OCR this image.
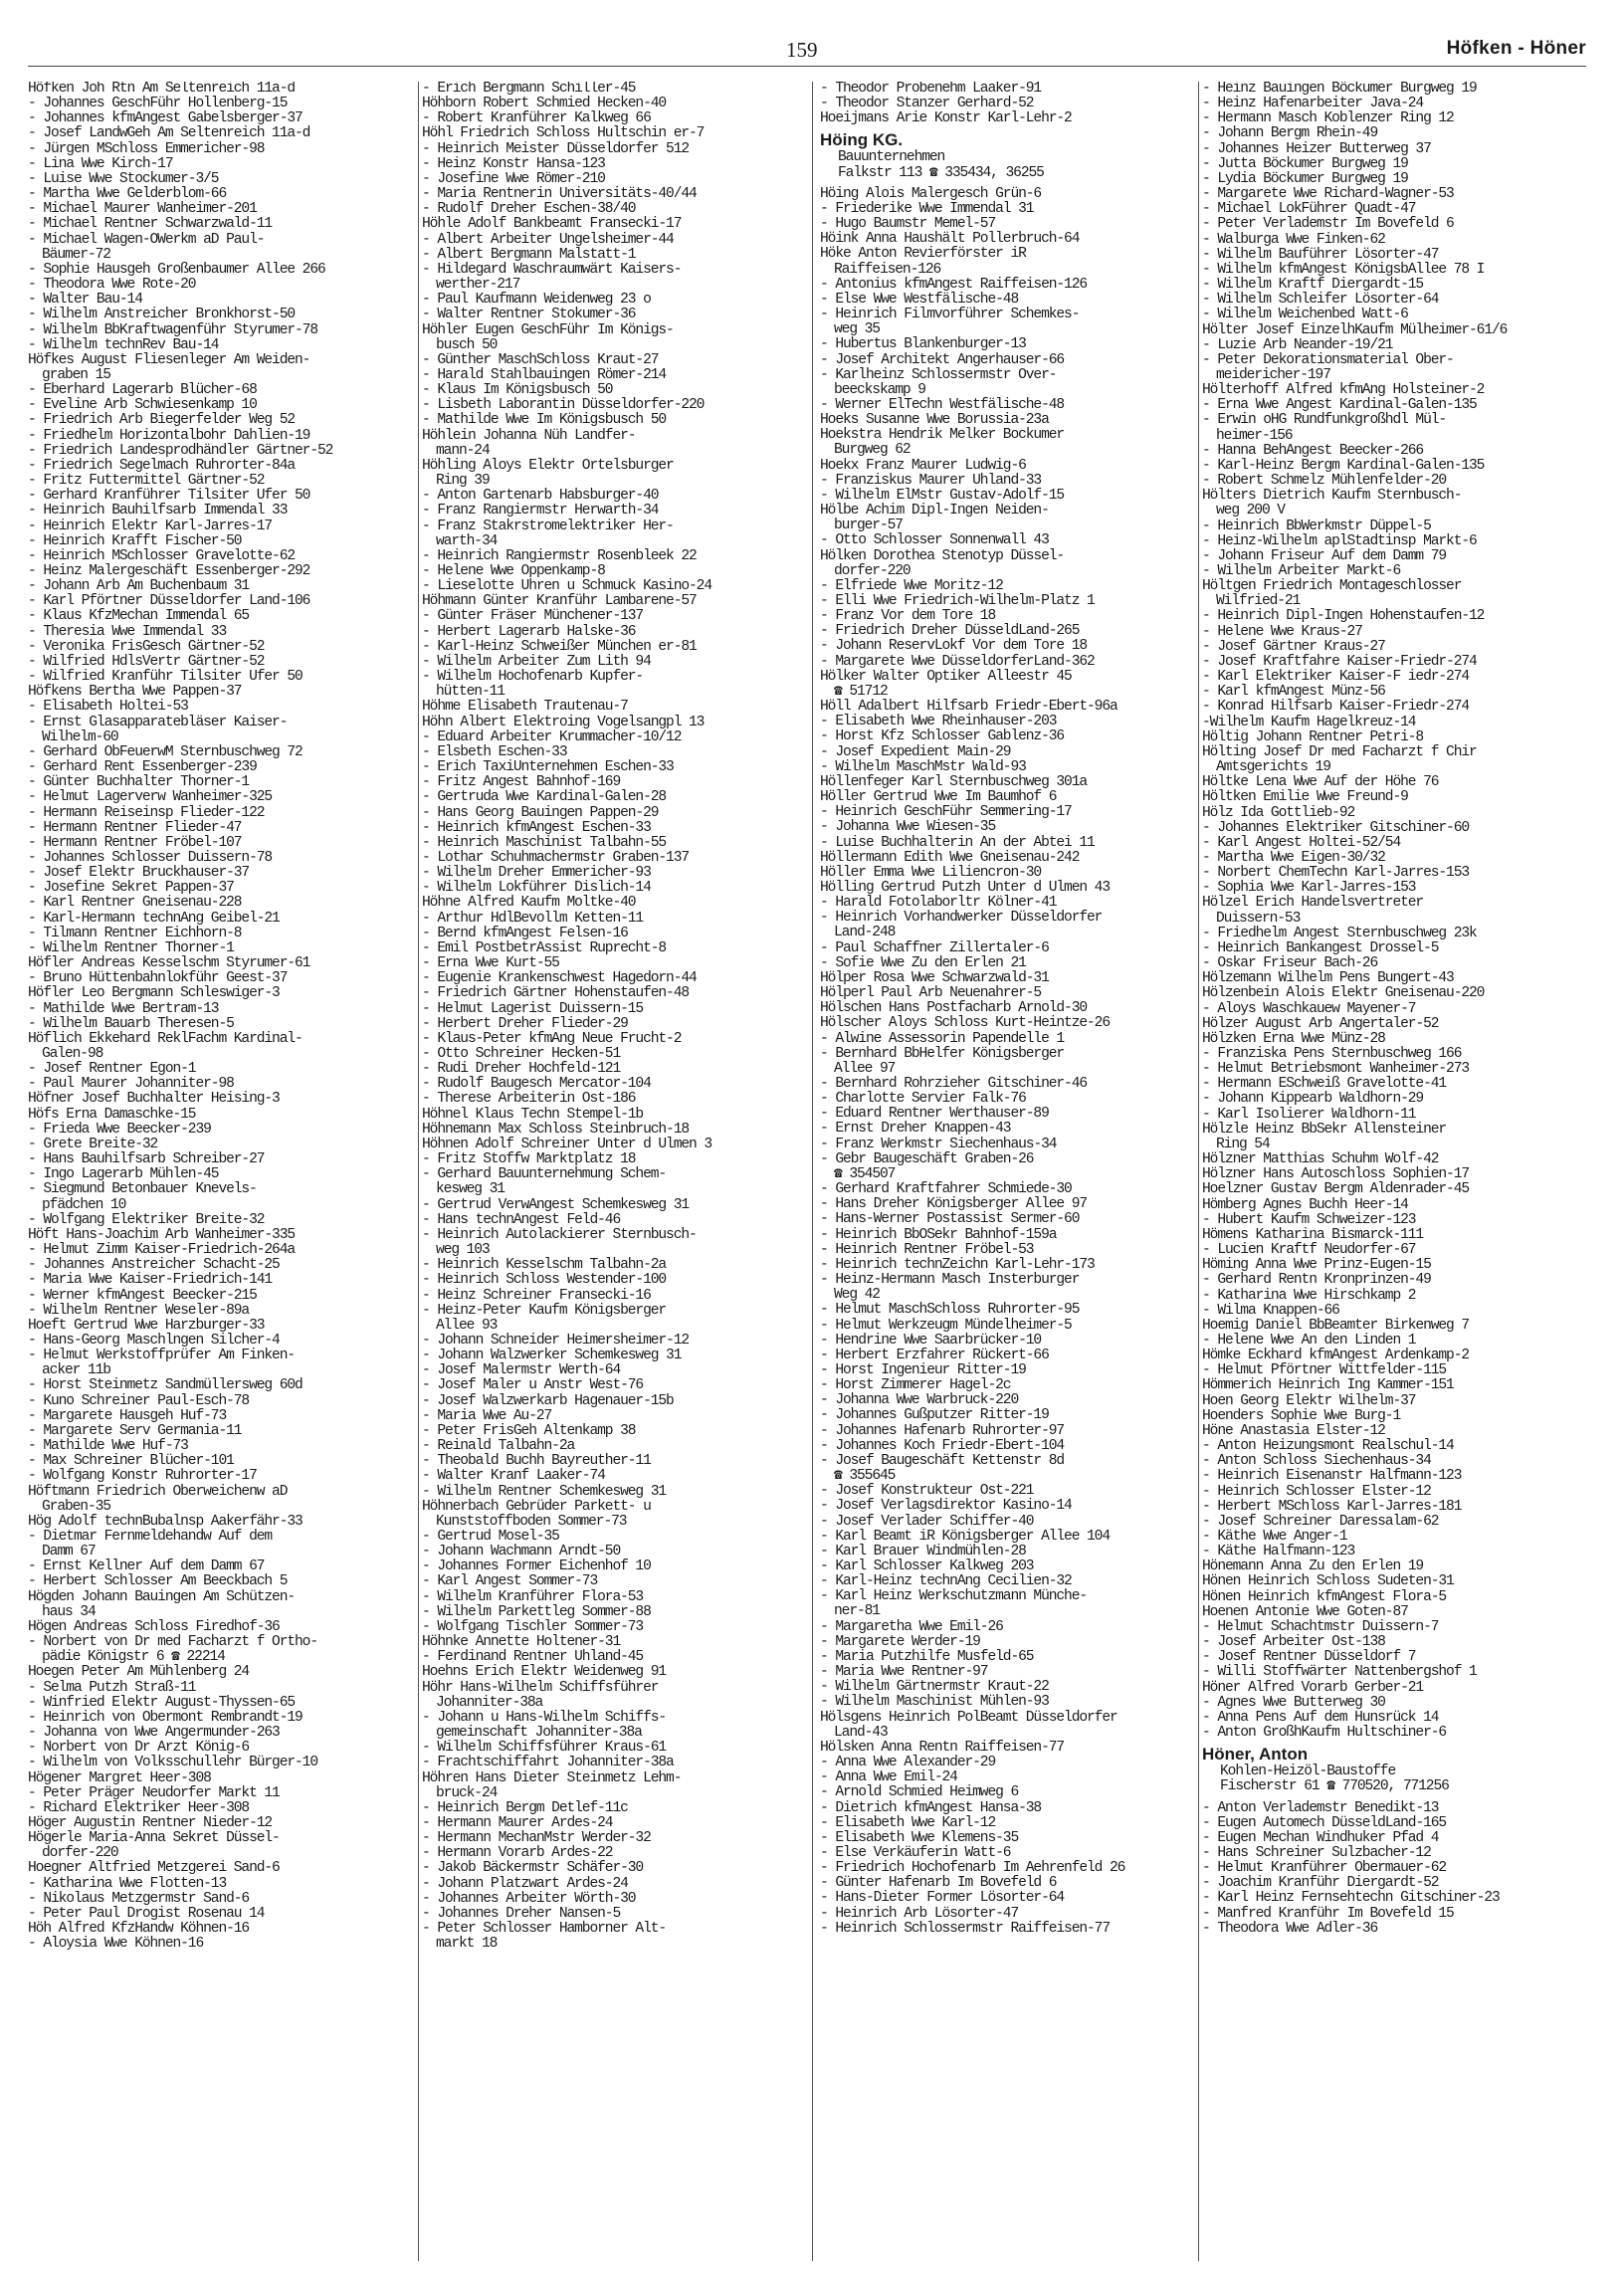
159	Höfken - Höner
Höfken Joh Rtn Am Seltenreich 11a-d
- Johannes GeschFühr Hollenberg-15
- Johannes kfmAngest Gabelsberger-37
- Josef LandwGeh Am Seltenreich 11a-d
- Jürgen MSchloss Emmericher-98
- Lina Wwe Kirch-17
- Luise Wwe Stockumer-3/5
- Martha Wwe Gelderblom-66
- Michael Maurer Wanheimer-201
- Michael Rentner Schwarzwald-11
- Michael Wagen-OWerkm aD Paul-
Bäumer-72
- Sophie Hausgeh Großenbaumer Allee 266
- Theodora Wwe Rote-20
- Walter Bau-14
- Wilhelm Anstreicher Bronkhorst-50
- Wilhelm BbKraftwagenführ Styrumer-78
- Wilhelm technRev Bau-14
Höfkes August Fliesenleger Am Weiden-
graben 15
- Eberhard Lagerarb Blücher-68
- Eveline Arb Schwiesenkamp 10
- Friedrich Arb Biegerfelder Weg 52
- Friedhelm Horizontalbohr Dahlien-19
- Friedrich Landesprodhändler Gärtner-52
- Friedrich Segelmach Ruhrorter-84a
- Fritz Futtermittel Gärtner-52
- Gerhard Kranführer Tilsiter Ufer 50
- Heinrich Bauhilfsarb Immendal 33
- Heinrich Elektr Karl-Jarres-17
- Heinrich Krafft Fischer-50
- Heinrich MSchlosser Gravelotte-62
- Heinz Malergeschäft Essenberger-292
- Johann Arb Am Buchenbaum 31
- Karl Pförtner Düsseldorfer Land-106
- Klaus KfzMechan Immendal 65
- Theresia Wwe Immendal 33
- Veronika FrisGesch Gärtner-52
- Wilfried HdlsVertr Gärtner-52
- Wilfried Kranführ Tilsiter Ufer 50
Höfkens Bertha Wwe Pappen-37
- Elisabeth Holtei-53
- Ernst Glasapparatebläser Kaiser-
Wilhelm-60
- Gerhard ObFeuerwM Sternbuschweg 72
- Gerhard Rent Essenberger-239
- Günter Buchhalter Thorner-1
- Helmut Lagerverw Wanheimer-325
- Hermann Reiseinsp Flieder-122
- Hermann Rentner Flieder-47
- Hermann Rentner Fröbel-107
- Johannes Schlosser Duissern-78
- Josef Elektr Bruckhauser-37
- Josefine Sekret Pappen-37
- Karl Rentner Gneisenau-228
- Karl-Hermann technAng Geibel-21
- Tilmann Rentner Eichhorn-8
- Wilhelm Rentner Thorner-1
Höfler Andreas Kesselschm Styrumer-61
- Bruno Hüttenbahnlokführ Geest-37
Höfler Leo Bergmann Schleswiger-3
- Mathilde Wwe Bertram-13
- Wilhelm Bauarb Theresen-5
Höflich Ekkehard ReklFachm Kardinal-
Galen-98
- Josef Rentner Egon-1
- Paul Maurer Johanniter-98
Höfner Josef Buchhalter Heising-3
Höfs Erna Damaschke-15
- Frieda Wwe Beecker-239
- Grete Breite-32
- Hans Bauhilfsarb Schreiber-27
- Ingo Lagerarb Mühlen-45
- Siegmund Betonbauer Knevels-
pfädchen 10
- Wolfgang Elektriker Breite-32
Höft Hans-Joachim Arb Wanheimer-335
- Helmut Zimm Kaiser-Friedrich-264a
- Johannes Anstreicher Schacht-25
- Maria Wwe Kaiser-Friedrich-141
- Werner kfmAngest Beecker-215
- Wilhelm Rentner Weseler-89a
Hoeft Gertrud Wwe Harzburger-33
- Hans-Georg Maschlngen Silcher-4
- Helmut Werkstoffprüfer Am Finken-
acker 11b
- Horst Steinmetz Sandmüllersweg 60d
- Kuno Schreiner Paul-Esch-78
- Margarete Hausgeh Huf-73
- Margarete Serv Germania-11
- Mathilde Wwe Huf-73
- Max Schreiner Blücher-101
- Wolfgang Konstr Ruhrorter-17
Höftmann Friedrich Oberweichenw aD
Graben-35
Hög Adolf technBubalnsp Aakerfähr-33
- Dietmar Fernmeldehandw Auf dem
Damm 67
- Ernst Kellner Auf dem Damm 67
- Herbert Schlosser Am Beeckbach 5
Högden Johann Bauingen Am Schützen-
haus 34
Högen Andreas Schloss Firedhof-36
- Norbert von Dr med Facharzt f Ortho-
pädie Königstr 6 ☎ 22214
Hoegen Peter Am Mühlenberg 24
- Selma Putzh Straß-11
- Winfried Elektr August-Thyssen-65
- Heinrich von Obermont Rembrandt-19
- Johanna von Wwe Angermunder-263
- Norbert von Dr Arzt König-6
- Wilhelm von Volksschullehr Bürger-10
Högener Margret Heer-308
- Peter Präger Neudorfer Markt 11
- Richard Elektriker Heer-308
Höger Augustin Rentner Nieder-12
Högerle Maria-Anna Sekret Düssel-
dorfer-220
Hoegner Altfried Metzgerei Sand-6
- Katharina Wwe Flotten-13
- Nikolaus Metzgermstr Sand-6
- Peter Paul Drogist Rosenau 14
Höh Alfred KfzHandw Köhnen-16
- Aloysia Wwe Köhnen-16
- Erich Bergmann Schiller-45
Höhborn Robert Schmied Hecken-40
- Robert Kranführer Kalkweg 66
Höhl Friedrich Schloss Hultschin er-7
- Heinrich Meister Düsseldorfer 512
- Heinz Konstr Hansa-123
- Josefine Wwe Römer-210
- Maria Rentnerin Universitäts-40/44
- Rudolf Dreher Eschen-38/40
Höhle Adolf Bankbeamt Fransecki-17
- Albert Arbeiter Ungelsheimer-44
- Albert Bergmann Malstatt-1
- Hildegard Waschraumwärt Kaisers-
werther-217
- Paul Kaufmann Weidenweg 23 o
- Walter Rentner Stokumer-36
Höhler Eugen GeschFühr Im Königs-
busch 50
- Günther MaschSchloss Kraut-27
- Harald Stahlbauingen Römer-214
- Klaus Im Königsbusch 50
- Lisbeth Laborantin Düsseldorfer-220
- Mathilde Wwe Im Königsbusch 50
Höhlein Johanna Nüh Landfer-
mann-24
Höhling Aloys Elektr Ortelsburger
Ring 39
- Anton Gartenarb Habsburger-40
- Franz Rangiermstr Herwarth-34
- Franz Stakrstromelektriker Her-
warth-34
- Heinrich Rangiermstr Rosenbleek 22
- Helene Wwe Oppenkamp-8
- Lieselotte Uhren u Schmuck Kasino-24
Höhmann Günter Kranführ Lambarene-57
- Günter Fräser Münchener-137
- Herbert Lagerarb Halske-36
- Karl-Heinz Schweißer München er-81
- Wilhelm Arbeiter Zum Lith 94
- Wilhelm Hochofenarb Kupfer-
hütten-11
Höhme Elisabeth Trautenau-7
Höhn Albert Elektroing Vogelsangpl 13
- Eduard Arbeiter Krummacher-10/12
- Elsbeth Eschen-33
- Erich TaxiUnternehmen Eschen-33
- Fritz Angest Bahnhof-169
- Gertruda Wwe Kardinal-Galen-28
- Hans Georg Bauingen Pappen-29
- Heinrich kfmAngest Eschen-33
- Heinrich Maschinist Talbahn-55
- Lothar Schuhmachermstr Graben-137
- Wilhelm Dreher Emmericher-93
- Wilhelm Lokführer Dislich-14
Höhne Alfred Kaufm Moltke-40
- Arthur HdlBevollm Ketten-11
- Bernd kfmAngest Felsen-16
- Emil PostbetrAssist Ruprecht-8
- Erna Wwe Kurt-55
- Eugenie Krankenschwest Hagedorn-44
- Friedrich Gärtner Hohenstaufen-48
- Helmut Lagerist Duissern-15
- Herbert Dreher Flieder-29
- Klaus-Peter kfmAng Neue Frucht-2
- Otto Schreiner Hecken-51
- Rudi Dreher Hochfeld-121
- Rudolf Baugesch Mercator-104
- Therese Arbeiterin Ost-186
Höhnel Klaus Techn Stempel-1b
Höhnemann Max Schloss Steinbruch-18
Höhnen Adolf Schreiner Unter d Ulmen 3
- Fritz Stoffw Marktplatz 18
- Gerhard Bauunternehmung Schem-
kesweg 31
- Gertrud VerwAngest Schemkesweg 31
- Hans technAngest Feld-46
- Heinrich Autolackierer Sternbusch-
weg 103
- Heinrich Kesselschm Talbahn-2a
- Heinrich Schloss Westender-100
- Heinz Schreiner Fransecki-16
- Heinz-Peter Kaufm Königsberger
Allee 93
- Johann Schneider Heimersheimer-12
- Johann Walzwerker Schemkesweg 31
- Josef Malermstr Werth-64
- Josef Maler u Anstr West-76
- Josef Walzwerkarb Hagenauer-15b
- Maria Wwe Au-27
- Peter FrisGeh Altenkamp 38
- Reinald Talbahn-2a
- Theobald Buchh Bayreuther-11
- Walter Kranf Laaker-74
- Wilhelm Rentner Schemkesweg 31
Höhnerbach Gebrüder Parkett- u
Kunststoffboden Sommer-73
- Gertrud Mosel-35
- Johann Wachmann Arndt-50
- Johannes Former Eichenhof 10
- Karl Angest Sommer-73
- Wilhelm Kranführer Flora-53
- Wilhelm Parkettleg Sommer-88
- Wolfgang Tischler Sommer-73
Höhnke Annette Holtener-31
- Ferdinand Rentner Uhland-45
Hoehns Erich Elektr Weidenweg 91
Höhr Hans-Wilhelm Schiffsführer
Johanniter-38a
- Johann u Hans-Wilhelm Schiffs-
gemeinschaft Johanniter-38a
- Wilhelm Schiffsführer Kraus-61
- Frachtschiffahrt Johanniter-38a
Höhren Hans Dieter Steinmetz Lehm-
bruck-24
- Heinrich Bergm Detlef-11c
- Hermann Maurer Ardes-24
- Hermann MechanMstr Werder-32
- Hermann Vorarb Ardes-22
- Jakob Bäckermstr Schäfer-30
- Johann Platzwart Ardes-24
- Johannes Arbeiter Wörth-30
- Johannes Dreher Nansen-5
- Peter Schlosser Hamborner Alt-
markt 18
- Theodor Probenehm Laaker-91
- Theodor Stanzer Gerhard-52
Hoeijmans Arie Konstr Karl-Lehr-2
Höing KG.
Bauunternehmen
Falkstr 113 ☎ 335434, 36255
Höing Alois Malergesch Grün-6
- Friederike Wwe Immendal 31
- Hugo Baumstr Memel-57
Höink Anna Haushält Pollerbruch-64
Höke Anton Revierförster iR
Raiffeisen-126
- Antonius kfmAngest Raiffeisen-126
- Else Wwe Westfälische-48
- Heinrich Filmvorführer Schemkes-
weg 35
- Hubertus Blankenburger-13
- Josef Architekt Angerhauser-66
- Karlheinz Schlossermstr Over-
beeckskamp 9
- Werner ElTechn Westfälische-48
Hoeks Susanne Wwe Borussia-23a
Hoekstra Hendrik Melker Bockumer
Burgweg 62
Hoekx Franz Maurer Ludwig-6
- Franziskus Maurer Uhland-33
- Wilhelm ElMstr Gustav-Adolf-15
Hölbe Achim Dipl-Ingen Neiden-
burger-57
- Otto Schlosser Sonnenwall 43
Hölken Dorothea Stenotyp Düssel-
dorfer-220
- Elfriede Wwe Moritz-12
- Elli Wwe Friedrich-Wilhelm-Platz 1
- Franz Vor dem Tore 18
- Friedrich Dreher DüsseldLand-265
- Johann ReservLokf Vor dem Tore 18
- Margarete Wwe DüsseldorferLand-362
Hölker Walter Optiker Alleestr 45
☎ 51712
Höll Adalbert Hilfsarb Friedr-Ebert-96a
- Elisabeth Wwe Rheinhauser-203
- Horst Kfz Schlosser Gablenz-36
- Josef Expedient Main-29
- Wilhelm MaschMstr Wald-93
Höllenfeger Karl Sternbuschweg 301a
Höller Gertrud Wwe Im Baumhof 6
- Heinrich GeschFühr Semmering-17
- Johanna Wwe Wiesen-35
- Luise Buchhalterin An der Abtei 11
Höllermann Edith Wwe Gneisenau-242
Höller Emma Wwe Liliencron-30
Hölling Gertrud Putzh Unter d Ulmen 43
- Harald Fotolaborltr Kölner-41
- Heinrich Vorhandwerker Düsseldorfer
Land-248
- Paul Schaffner Zillertaler-6
- Sofie Wwe Zu den Erlen 21
Hölper Rosa Wwe Schwarzwald-31
Hölperl Paul Arb Neuenahrer-5
Hölschen Hans Postfacharb Arnold-30
Hölscher Aloys Schloss Kurt-Heintze-26
- Alwine Assessorin Papendelle 1
- Bernhard BbHelfer Königsberger
Allee 97
- Bernhard Rohrzieher Gitschiner-46
- Charlotte Servier Falk-76
- Eduard Rentner Werthauser-89
- Ernst Dreher Knappen-43
- Franz Werkmstr Siechenhaus-34
- Gebr Baugeschäft Graben-26
☎ 354507
- Gerhard Kraftfahrer Schmiede-30
- Hans Dreher Königsberger Allee 97
- Hans-Werner Postassist Sermer-60
- Heinrich BbOSekr Bahnhof-159a
- Heinrich Rentner Fröbel-53
- Heinrich technZeichn Karl-Lehr-173
- Heinz-Hermann Masch Insterburger
Weg 42
- Helmut MaschSchloss Ruhrorter-95
- Helmut Werkzeugm Mündelheimer-5
- Hendrine Wwe Saarbrücker-10
- Herbert Erzfahrer Rückert-66
- Horst Ingenieur Ritter-19
- Horst Zimmerer Hagel-2c
- Johanna Wwe Warbruck-220
- Johannes Gußputzer Ritter-19
- Johannes Hafenarb Ruhrorter-97
- Johannes Koch Friedr-Ebert-104
- Josef Baugeschäft Kettenstr 8d
☎ 355645
- Josef Konstrukteur Ost-221
- Josef Verlagsdirektor Kasino-14
- Josef Verlader Schiffer-40
- Karl Beamt iR Königsberger Allee 104
- Karl Brauer Windmühlen-28
- Karl Schlosser Kalkweg 203
- Karl-Heinz technAng Cecilien-32
- Karl Heinz Werkschutzmann Münche-
ner-81
- Margaretha Wwe Emil-26
- Margarete Werder-19
- Maria Putzhilfe Musfeld-65
- Maria Wwe Rentner-97
- Wilhelm Gärtnermstr Kraut-22
- Wilhelm Maschinist Mühlen-93
Hölsgens Heinrich PolBeamt Düsseldorfer
Land-43
Hölsken Anna Rentn Raiffeisen-77
- Anna Wwe Alexander-29
- Anna Wwe Emil-24
- Arnold Schmied Heimweg 6
- Dietrich kfmAngest Hansa-38
- Elisabeth Wwe Karl-12
- Elisabeth Wwe Klemens-35
- Else Verkäuferin Watt-6
- Friedrich Hochofenarb Im Aehrenfeld 26
- Günter Hafenarb Im Bovefeld 6
- Hans-Dieter Former Lösorter-64
- Heinrich Arb Lösorter-47
- Heinrich Schlossermstr Raiffeisen-77
- Heinz Bauingen Böckumer Burgweg 19
- Heinz Hafenarbeiter Java-24
- Hermann Masch Koblenzer Ring 12
- Johann Bergm Rhein-49
- Johannes Heizer Butterweg 37
- Jutta Böckumer Burgweg 19
- Lydia Böckumer Burgweg 19
- Margarete Wwe Richard-Wagner-53
- Michael LokFührer Quadt-47
- Peter Verlademstr Im Bovefeld 6
- Walburga Wwe Finken-62
- Wilhelm Bauführer Lösorter-47
- Wilhelm kfmAngest KönigsbAllee 78 I
- Wilhelm Kraftf Diergardt-15
- Wilhelm Schleifer Lösorter-64
- Wilhelm Weichenbed Watt-6
Hölter Josef EinzelhKaufm Mülheimer-61/6
- Luzie Arb Neander-19/21
- Peter Dekorationsmaterial Ober-
meidericher-197
Hölterhoff Alfred kfmAng Holsteiner-2
- Erna Wwe Angest Kardinal-Galen-135
- Erwin oHG Rundfunkgroßhdl Mül-
heimer-156
- Hanna BehAngest Beecker-266
- Karl-Heinz Bergm Kardinal-Galen-135
- Robert Schmelz Mühlenfelder-20
Hölters Dietrich Kaufm Sternbusch-
weg 200 V
- Heinrich BbWerkmstr Düppel-5
- Heinz-Wilhelm aplStadtinsp Markt-6
- Johann Friseur Auf dem Damm 79
- Wilhelm Arbeiter Markt-6
Höltgen Friedrich Montageschlosser
Wilfried-21
- Heinrich Dipl-Ingen Hohenstaufen-12
- Helene Wwe Kraus-27
- Josef Gärtner Kraus-27
- Josef Kraftfahre Kaiser-Friedr-274
- Karl Elektriker Kaiser-F iedr-274
- Karl kfmAngest Münz-56
- Konrad Hilfsarb Kaiser-Friedr-274
-Wilhelm Kaufm Hagelkreuz-14
Höltig Johann Rentner Petri-8
Hölting Josef Dr med Facharzt f Chir
Amtsgerichts 19
Höltke Lena Wwe Auf der Höhe 76
Höltken Emilie Wwe Freund-9
Hölz Ida Gottlieb-92
- Johannes Elektriker Gitschiner-60
- Karl Angest Holtei-52/54
- Martha Wwe Eigen-30/32
- Norbert ChemTechn Karl-Jarres-153
- Sophia Wwe Karl-Jarres-153
Hölzel Erich Handelsvertreter
Duissern-53
- Friedhelm Angest Sternbuschweg 23k
- Heinrich Bankangest Drossel-5
- Oskar Friseur Bach-26
Hölzemann Wilhelm Pens Bungert-43
Hölzenbein Alois Elektr Gneisenau-220
- Aloys Waschkauew Mayener-7
Hölzer August Arb Angertaler-52
Hölzken Erna Wwe Münz-28
- Franziska Pens Sternbuschweg 166
- Helmut Betriebsmont Wanheimer-273
- Hermann ESchweiß Gravelotte-41
- Johann Kippearb Waldhorn-29
- Karl Isolierer Waldhorn-11
Hölzle Heinz BbSekr Allensteiner
Ring 54
Hölzner Matthias Schuhm Wolf-42
Hölzner Hans Autoschloss Sophien-17
Hoelzner Gustav Bergm Aldenrader-45
Hömberg Agnes Buchh Heer-14
- Hubert Kaufm Schweizer-123
Hömens Katharina Bismarck-111
- Lucien Kraftf Neudorfer-67
Höming Anna Wwe Prinz-Eugen-15
- Gerhard Rentn Kronprinzen-49
- Katharina Wwe Hirschkamp 2
- Wilma Knappen-66
Hoemig Daniel BbBeamter Birkenweg 7
- Helene Wwe An den Linden 1
Hömke Eckhard kfmAngest Ardenkamp-2
- Helmut Pförtner Wittfelder-115
Hömmerich Heinrich Ing Kammer-151
Hoen Georg Elektr Wilhelm-37
Hoenders Sophie Wwe Burg-1
Höne Anastasia Elster-12
- Anton Heizungsmont Realschul-14
- Anton Schloss Siechenhaus-34
- Heinrich Eisenanstr Halfmann-123
- Heinrich Schlosser Elster-12
- Herbert MSchloss Karl-Jarres-181
- Josef Schreiner Daressalam-62
- Käthe Wwe Anger-1
- Käthe Halfmann-123
Hönemann Anna Zu den Erlen 19
Hönen Heinrich Schloss Sudeten-31
Hönen Heinrich kfmAngest Flora-5
Hoenen Antonie Wwe Goten-87
- Helmut Schachtmstr Duissern-7
- Josef Arbeiter Ost-138
- Josef Rentner Düsseldorf 7
- Willi Stoffwärter Nattenbergshof 1
Höner Alfred Vorarb Gerber-21
- Agnes Wwe Butterweg 30
- Anna Pens Auf dem Hunsrück 14
- Anton GroßhKaufm Hultschiner-6
Höner, Anton
Kohlen-Heizöl-Baustoffe
Fischerstr 61 ☎ 770520, 771256
- Anton Verlademstr Benedikt-13
- Eugen Automech DüsseldLand-165
- Eugen Mechan Windhuker Pfad 4
- Hans Schreiner Sulzbacher-12
- Helmut Kranführer Obermauer-62
- Joachim Kranführ Diergardt-52
- Karl Heinz Fernsehtechn Gitschiner-23
- Manfred Kranführ Im Bovefeld 15
- Theodora Wwe Adler-36
